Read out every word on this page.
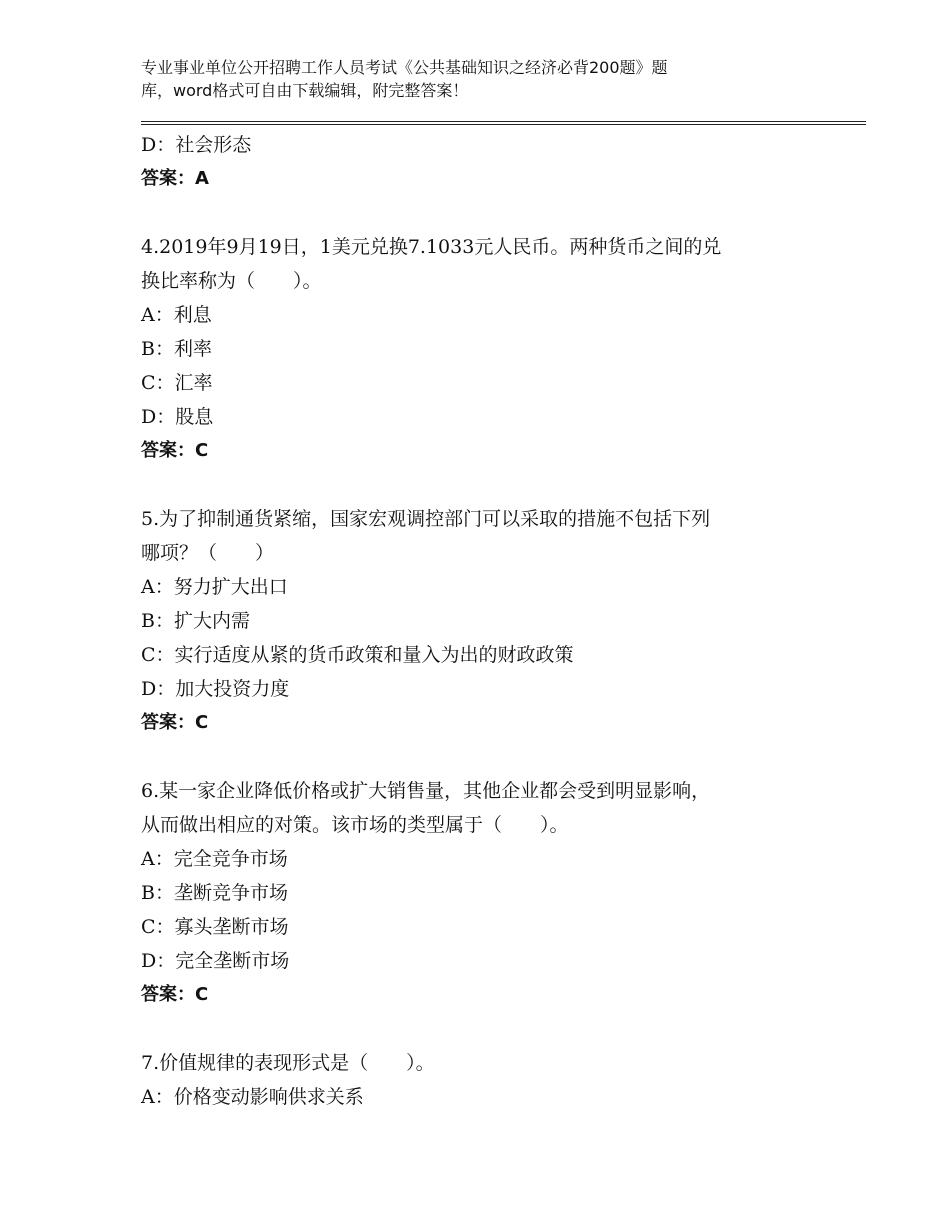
专业事业单位公开招聘工作人员考试《公共基础知识之经济必背200题》题
库，word格式可自由下载编辑，附完整答案！
D：社会形态
答案：A
4.2019年9月19日，1美元兑换7.1033元人民币。两种货币之间的兑
换比率称为（　　）。
A：利息
B：利率
C：汇率
D：股息
答案：C
5.为了抑制通货紧缩，国家宏观调控部门可以采取的措施不包括下列
哪项？（　　）
A：努力扩大出口
B：扩大内需
C：实行适度从紧的货币政策和量入为出的财政政策
D：加大投资力度
答案：C
6.某一家企业降低价格或扩大销售量，其他企业都会受到明显影响，
从而做出相应的对策。该市场的类型属于（　　）。
A：完全竞争市场
B：垄断竞争市场
C：寡头垄断市场
D：完全垄断市场
答案：C
7.价值规律的表现形式是（　　）。
A：价格变动影响供求关系
